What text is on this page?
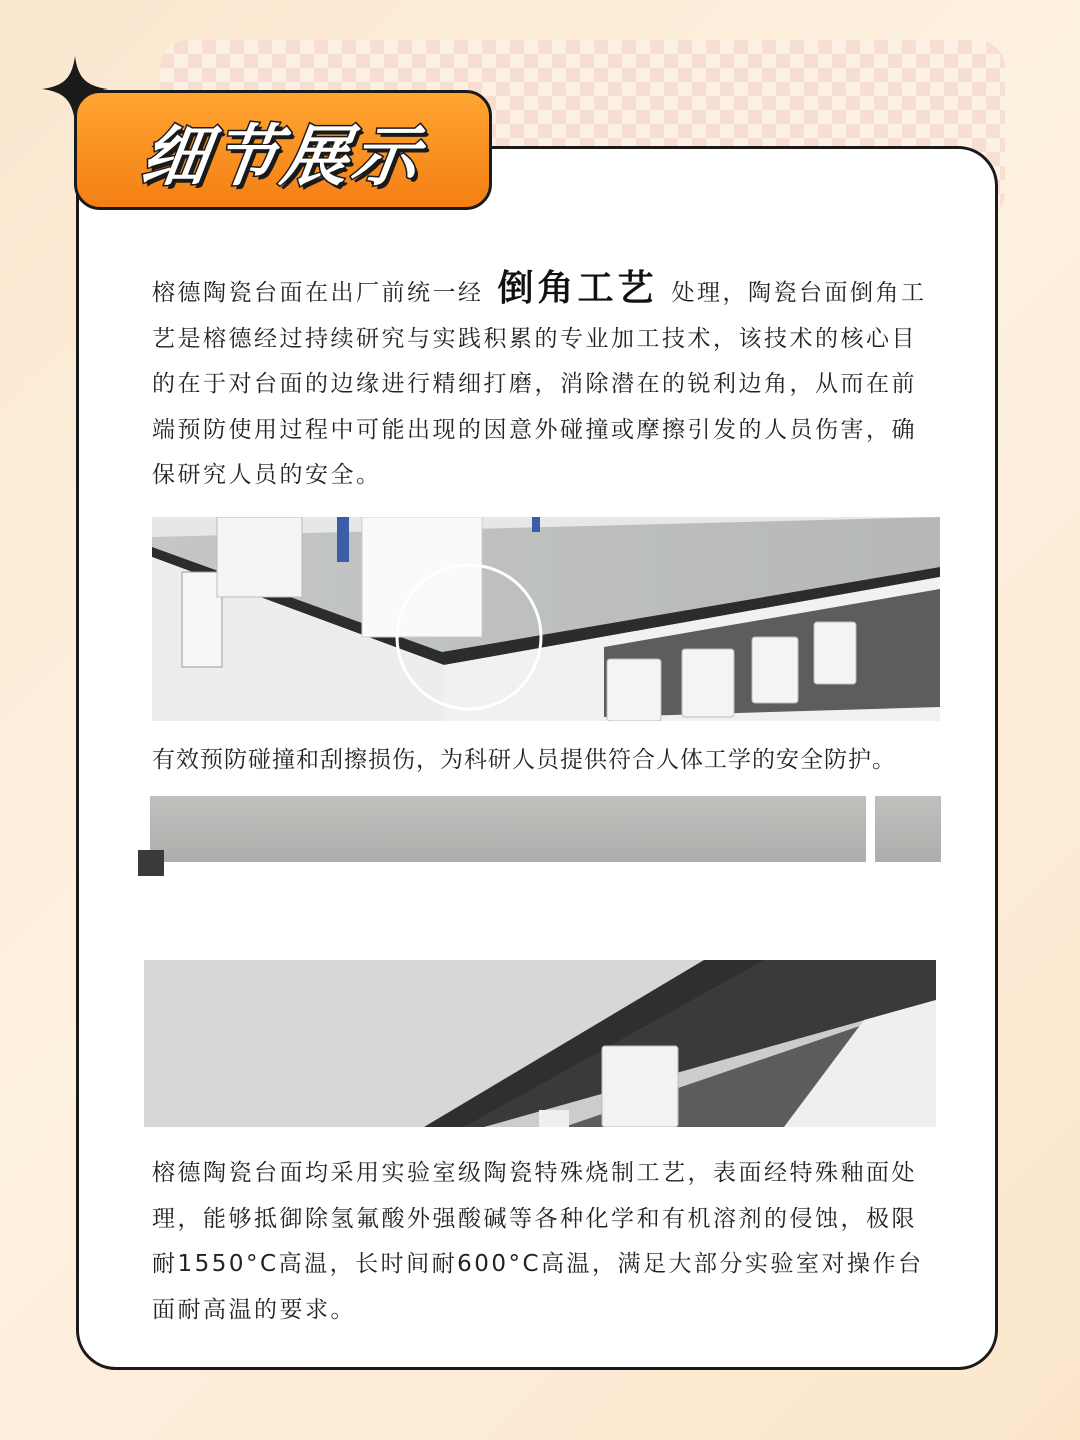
细节展示

榕德陶瓷台面在出厂前统一经 倒角工艺 处理，陶瓷台面倒角工艺是榕德经过持续研究与实践积累的专业加工技术，该技术的核心目的在于对台面的边缘进行精细打磨，消除潜在的锐利边角，从而在前端预防使用过程中可能出现的因意外碰撞或摩擦引发的人员伤害，确保研究人员的安全。

有效预防碰撞和刮擦损伤，为科研人员提供符合人体工学的安全防护。

榕德陶瓷台面均采用实验室级陶瓷特殊烧制工艺，表面经特殊釉面处理，能够抵御除氢氟酸外强酸碱等各种化学和有机溶剂的侵蚀，极限耐1550°C高温，长时间耐600°C高温，满足大部分实验室对操作台面耐高温的要求。
